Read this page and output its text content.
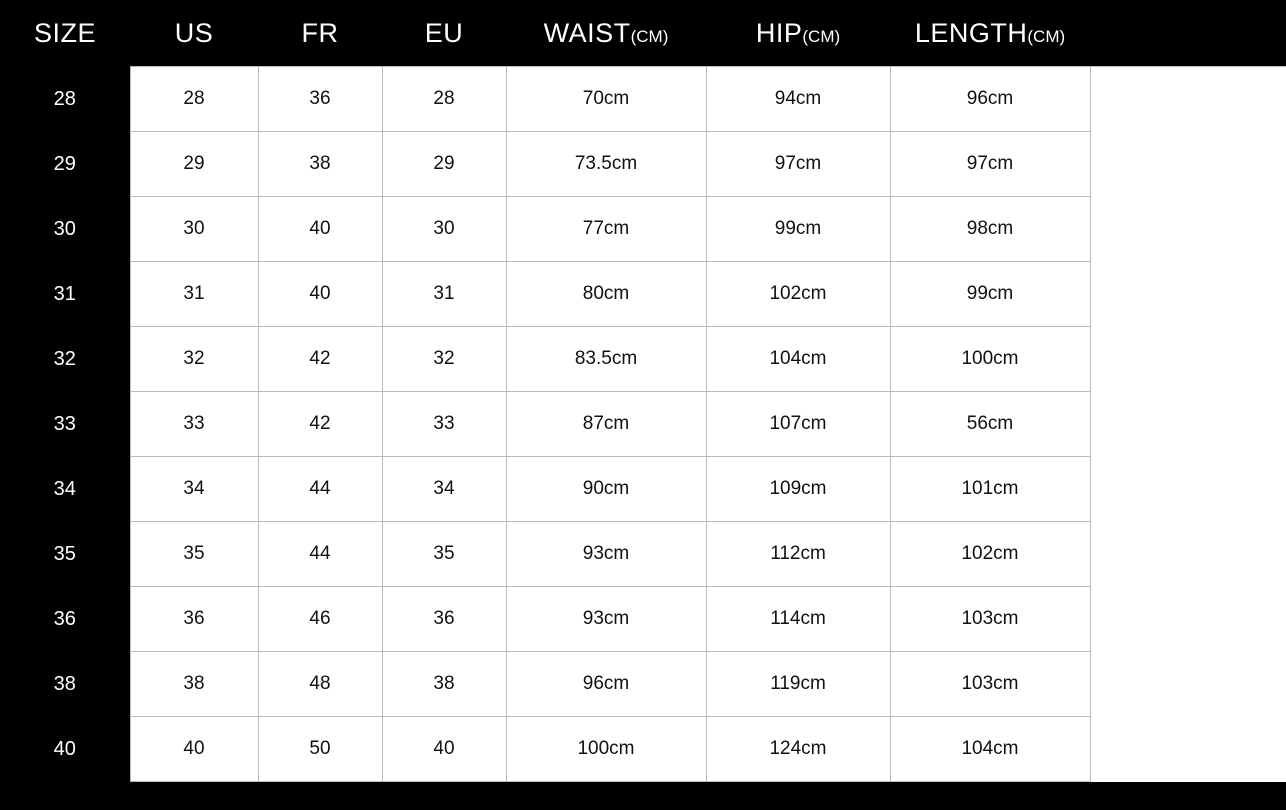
SIZE	US	FR	EU	WAIST(CM)	HIP(CM)	LENGTH(CM)	
28	28	36	28	70cm	94cm	96cm	
29	29	38	29	73.5cm	97cm	97cm	
30	30	40	30	77cm	99cm	98cm	
31	31	40	31	80cm	102cm	99cm	
32	32	42	32	83.5cm	104cm	100cm	
33	33	42	33	87cm	107cm	56cm	
34	34	44	34	90cm	109cm	101cm	
35	35	44	35	93cm	112cm	102cm	
36	36	46	36	93cm	114cm	103cm	
38	38	48	38	96cm	119cm	103cm	
40	40	50	40	100cm	124cm	104cm	
